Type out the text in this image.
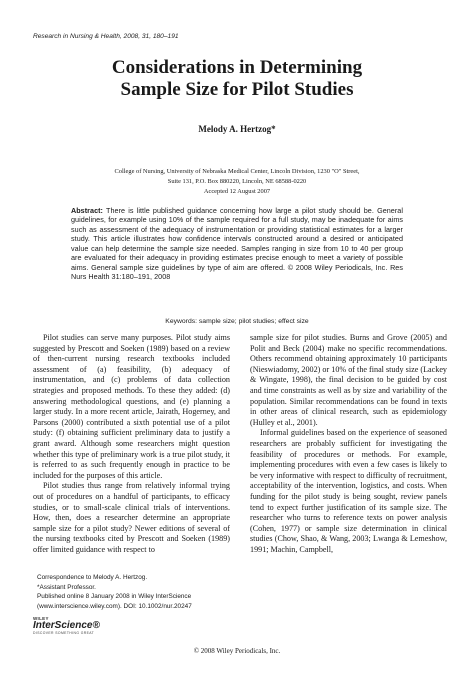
Research in Nursing & Health, 2008, 31, 180–191
Considerations in Determining
Sample Size for Pilot Studies
Melody A. Hertzog*
College of Nursing, University of Nebraska Medical Center, Lincoln Division, 1230 "O" Street,
Suite 131, P.O. Box 880220, Lincoln, NE 68588-0220
Accepted 12 August 2007
Abstract: There is little published guidance concerning how large a pilot study should be. General guidelines, for example using 10% of the sample required for a full study, may be inadequate for aims such as assessment of the adequacy of instrumentation or providing statistical estimates for a larger study. This article illustrates how confidence intervals constructed around a desired or anticipated value can help determine the sample size needed. Samples ranging in size from 10 to 40 per group are evaluated for their adequacy in providing estimates precise enough to meet a variety of possible aims. General sample size guidelines by type of aim are offered. © 2008 Wiley Periodicals, Inc. Res Nurs Health 31:180–191, 2008
Keywords: sample size; pilot studies; effect size

Pilot studies can serve many purposes. Pilot study aims suggested by Prescott and Soeken (1989) based on a review of then-current nursing research textbooks included assessment of (a) feasibility, (b) adequacy of instrumentation, and (c) problems of data collection strategies and proposed methods. To these they added: (d) answering methodological questions, and (e) planning a larger study. In a more recent article, Jairath, Hogerney, and Parsons (2000) contributed a sixth potential use of a pilot study: (f) obtaining sufficient preliminary data to justify a grant award. Although some researchers might question whether this type of preliminary work is a true pilot study, it is referred to as such frequently enough in practice to be included for the purposes of this article.

Pilot studies thus range from relatively informal trying out of procedures on a handful of participants, to efficacy studies, or to small-scale clinical trials of interventions. How, then, does a researcher determine an appropriate sample size for a pilot study? Newer editions of several of the nursing textbooks cited by Prescott and Soeken (1989) offer limited guidance with respect to

sample size for pilot studies. Burns and Grove (2005) and Polit and Beck (2004) make no specific recommendations. Others recommend obtaining approximately 10 participants (Nieswiadomy, 2002) or 10% of the final study size (Lackey & Wingate, 1998), the final decision to be guided by cost and time constraints as well as by size and variability of the population. Similar recommendations can be found in texts in other areas of clinical research, such as epidemiology (Hulley et al., 2001).

Informal guidelines based on the experience of seasoned researchers are probably sufficient for investigating the feasibility of procedures or methods. For example, implementing procedures with even a few cases is likely to be very informative with respect to difficulty of recruitment, acceptability of the intervention, logistics, and costs. When funding for the pilot study is being sought, review panels tend to expect further justification of its sample size. The researcher who turns to reference texts on power analysis (Cohen, 1977) or sample size determination in clinical studies (Chow, Shao, & Wang, 2003; Lwanga & Lemeshow, 1991; Machin, Campbell,

Correspondence to Melody A. Hertzog.
*Assistant Professor.
Published online 8 January 2008 in Wiley InterScience
(www.interscience.wiley.com). DOI: 10.1002/nur.20247
WILEY
InterScience®
DISCOVER SOMETHING GREAT
© 2008 Wiley Periodicals, Inc.
